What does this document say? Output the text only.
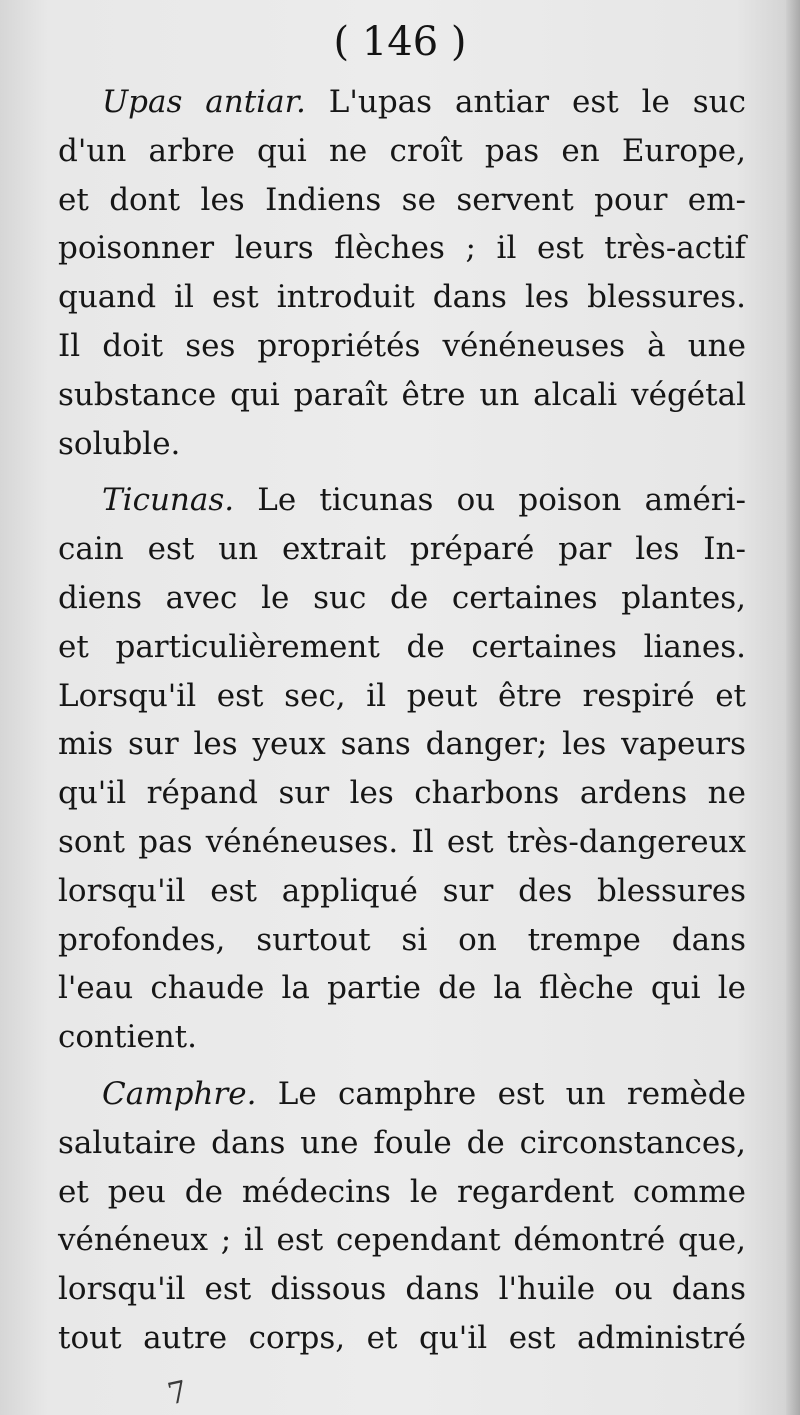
( 146 )

Upas antiar. L'upas antiar est le suc
d'un arbre qui ne croît pas en Europe,
et dont les Indiens se servent pour em-
poisonner leurs flèches ; il est très-actif
quand il est introduit dans les blessures.
Il doit ses propriétés vénéneuses à une
substance qui paraît être un alcali végétal
soluble.

Ticunas. Le ticunas ou poison améri-
cain est un extrait préparé par les In-
diens avec le suc de certaines plantes,
et particulièrement de certaines lianes.
Lorsqu'il est sec, il peut être respiré et
mis sur les yeux sans danger; les vapeurs
qu'il répand sur les charbons ardens ne
sont pas vénéneuses. Il est très-dangereux
lorsqu'il est appliqué sur des blessures
profondes, surtout si on trempe dans
l'eau chaude la partie de la flèche qui le
contient.

Camphre. Le camphre est un remède
salutaire dans une foule de circonstances,
et peu de médecins le regardent comme
vénéneux ; il est cependant démontré que,
lorsqu'il est dissous dans l'huile ou dans
tout autre corps, et qu'il est administré

7
